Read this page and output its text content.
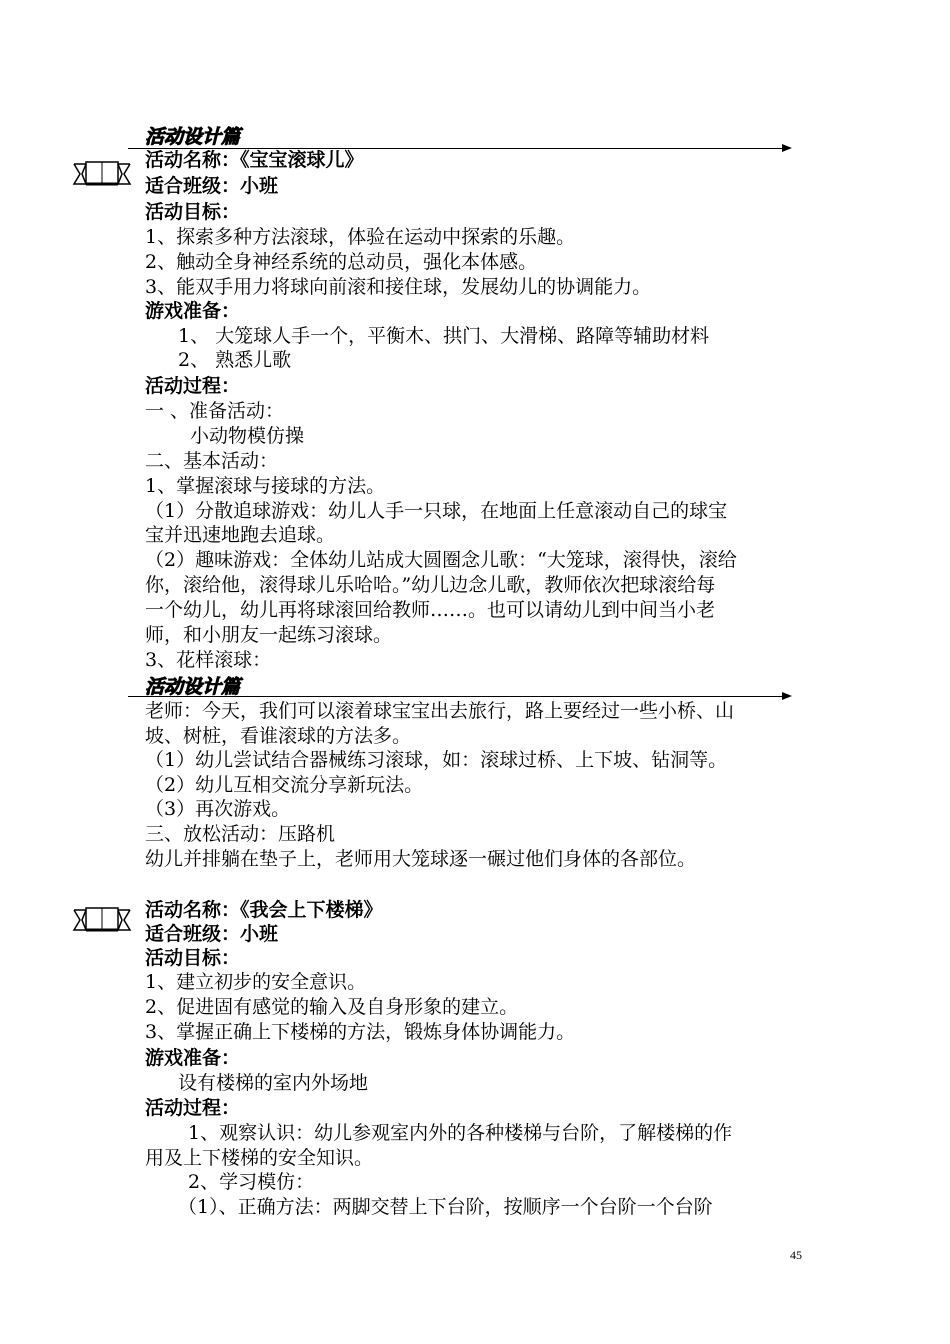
活动设计篇
活动名称：《宝宝滚球儿》
适合班级：小班
活动目标：
1、探索多种方法滚球，体验在运动中探索的乐趣。
2、触动全身神经系统的总动员，强化本体感。
3、能双手用力将球向前滚和接住球，发展幼儿的协调能力。
游戏准备：
1、 大笼球人手一个，平衡木、拱门、大滑梯、路障等辅助材料
2、 熟悉儿歌
活动过程：
一 、准备活动：
小动物模仿操
二、基本活动：
1、掌握滚球与接球的方法。
（1）分散追球游戏：幼儿人手一只球，在地面上任意滚动自己的球宝
宝并迅速地跑去追球。
（2）趣味游戏：全体幼儿站成大圆圈念儿歌：“大笼球，滚得快，滚给
你，滚给他，滚得球儿乐哈哈。”幼儿边念儿歌，教师依次把球滚给每
一个幼儿，幼儿再将球滚回给教师……。也可以请幼儿到中间当小老
师，和小朋友一起练习滚球。
3、花样滚球：
活动设计篇
老师：今天，我们可以滚着球宝宝出去旅行，路上要经过一些小桥、山
坡、树桩，看谁滚球的方法多。
（1）幼儿尝试结合器械练习滚球，如：滚球过桥、上下坡、钻洞等。
（2）幼儿互相交流分享新玩法。
（3）再次游戏。
三、放松活动：压路机
幼儿并排躺在垫子上，老师用大笼球逐一碾过他们身体的各部位。
活动名称：《我会上下楼梯》
适合班级：小班
活动目标：
1、建立初步的安全意识。
2、促进固有感觉的输入及自身形象的建立。
3、掌握正确上下楼梯的方法，锻炼身体协调能力。
游戏准备：
设有楼梯的室内外场地
活动过程：
1、观察认识：幼儿参观室内外的各种楼梯与台阶，了解楼梯的作
用及上下楼梯的安全知识。
2、学习模仿：
（1）、正确方法：两脚交替上下台阶，按顺序一个台阶一个台阶
45
